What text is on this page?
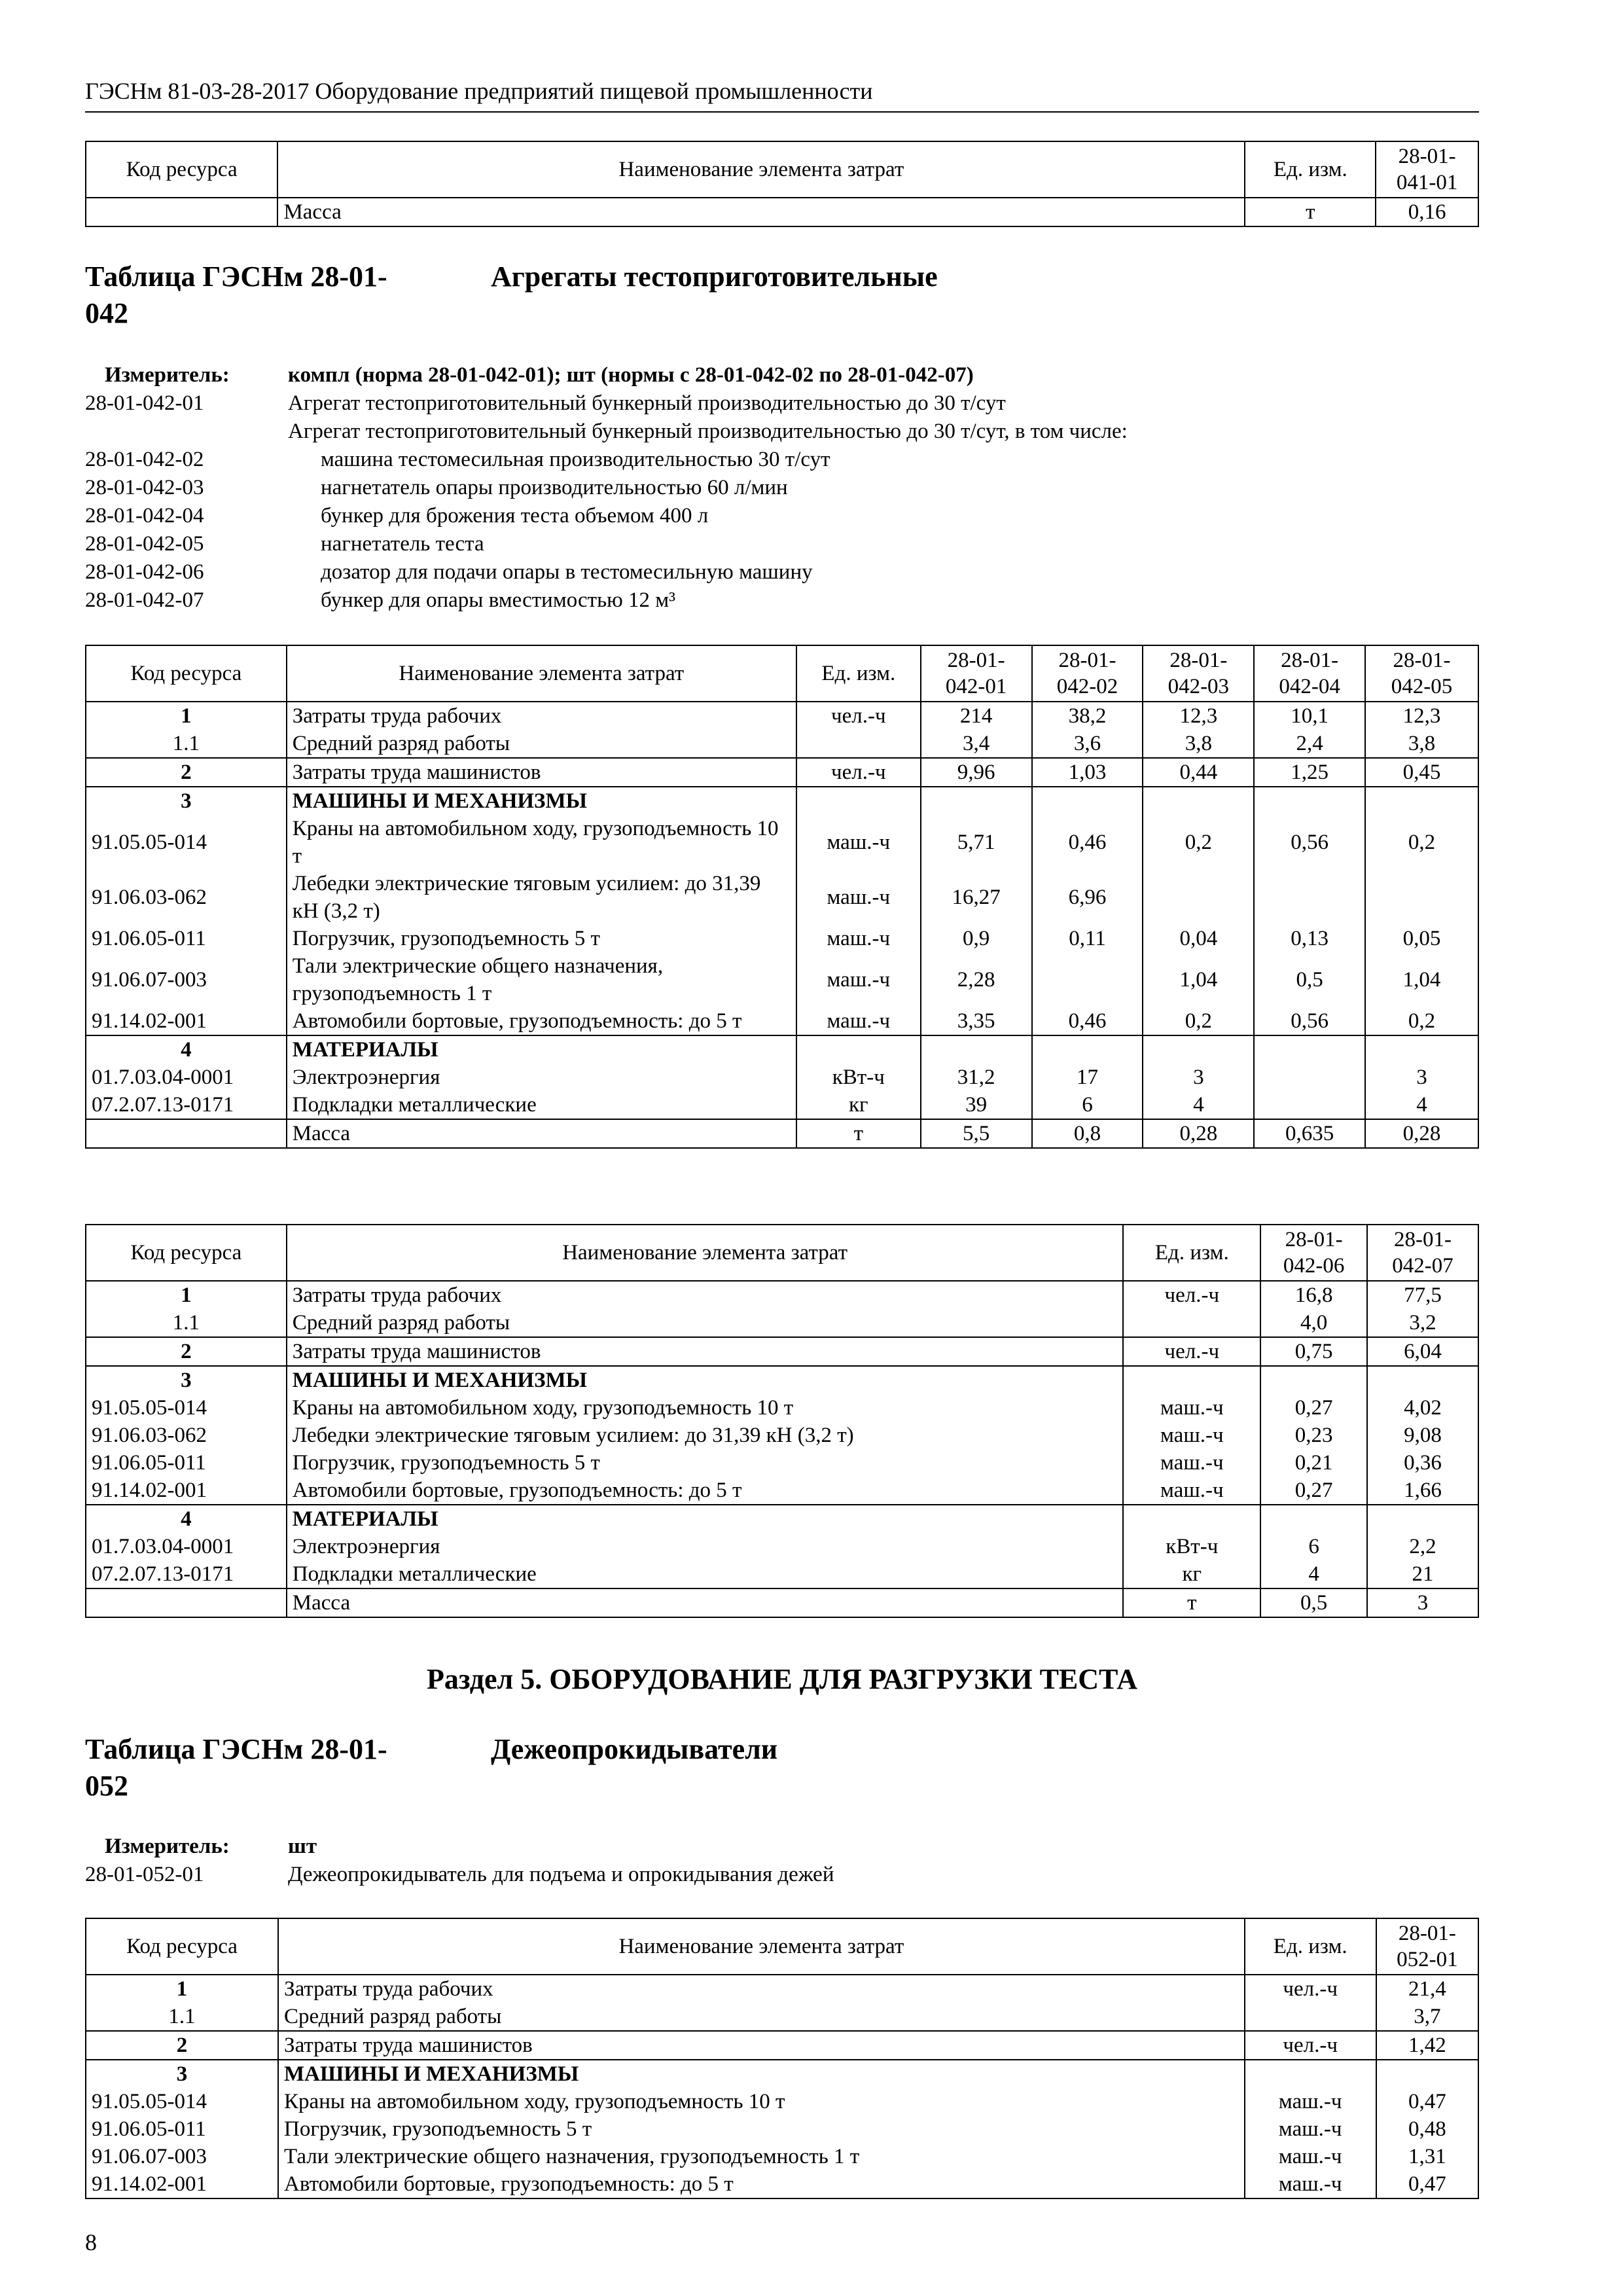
ГЭСНм 81-03-28-2017 Оборудование предприятий пищевой промышленности
Код ресурса	Наименование элемента затрат	Ед. изм.	28-01-
041-01
	Масса	т	0,16
Таблица ГЭСНм 28-01-
042
Агрегаты тестоприготовительные
Измеритель:	компл (норма 28-01-042-01); шт (нормы с 28-01-042-02 по 28-01-042-07)
28-01-042-01	Агрегат тестоприготовительный бункерный производительностью до 30 т/сут
Агрегат тестоприготовительный бункерный производительностью до 30 т/сут, в том числе:
28-01-042-02	машина тестомесильная производительностью 30 т/сут
28-01-042-03	нагнетатель опары производительностью 60 л/мин
28-01-042-04	бункер для брожения теста объемом 400 л
28-01-042-05	нагнетатель теста
28-01-042-06	дозатор для подачи опары в тестомесильную машину
28-01-042-07	бункер для опары вместимостью 12 м³
Код ресурса	Наименование элемента затрат	Ед. изм.	28-01-
042-01	28-01-
042-02	28-01-
042-03	28-01-
042-04	28-01-
042-05
1	Затраты труда рабочих	чел.-ч	214	38,2	12,3	10,1	12,3
1.1	Средний разряд работы		3,4	3,6	3,8	2,4	3,8
2	Затраты труда машинистов	чел.-ч	9,96	1,03	0,44	1,25	0,45
3	МАШИНЫ И МЕХАНИЗМЫ						
91.05.05-014	Краны на автомобильном ходу, грузоподъемность 10 т	маш.-ч	5,71	0,46	0,2	0,56	0,2
91.06.03-062	Лебедки электрические тяговым усилием: до 31,39 кН (3,2 т)	маш.-ч	16,27	6,96			
91.06.05-011	Погрузчик, грузоподъемность 5 т	маш.-ч	0,9	0,11	0,04	0,13	0,05
91.06.07-003	Тали электрические общего назначения, грузоподъемность 1 т	маш.-ч	2,28		1,04	0,5	1,04
91.14.02-001	Автомобили бортовые, грузоподъемность: до 5 т	маш.-ч	3,35	0,46	0,2	0,56	0,2
4	МАТЕРИАЛЫ						
01.7.03.04-0001	Электроэнергия	кВт-ч	31,2	17	3		3
07.2.07.13-0171	Подкладки металлические	кг	39	6	4		4
	Масса	т	5,5	0,8	0,28	0,635	0,28
Код ресурса	Наименование элемента затрат	Ед. изм.	28-01-
042-06	28-01-
042-07
1	Затраты труда рабочих	чел.-ч	16,8	77,5
1.1	Средний разряд работы		4,0	3,2
2	Затраты труда машинистов	чел.-ч	0,75	6,04
3	МАШИНЫ И МЕХАНИЗМЫ			
91.05.05-014	Краны на автомобильном ходу, грузоподъемность 10 т	маш.-ч	0,27	4,02
91.06.03-062	Лебедки электрические тяговым усилием: до 31,39 кН (3,2 т)	маш.-ч	0,23	9,08
91.06.05-011	Погрузчик, грузоподъемность 5 т	маш.-ч	0,21	0,36
91.14.02-001	Автомобили бортовые, грузоподъемность: до 5 т	маш.-ч	0,27	1,66
4	МАТЕРИАЛЫ			
01.7.03.04-0001	Электроэнергия	кВт-ч	6	2,2
07.2.07.13-0171	Подкладки металлические	кг	4	21
	Масса	т	0,5	3
Раздел 5. ОБОРУДОВАНИЕ ДЛЯ РАЗГРУЗКИ ТЕСТА
Таблица ГЭСНм 28-01-
052
Дежеопрокидыватели
Измеритель:	шт
28-01-052-01	Дежеопрокидыватель для подъема и опрокидывания дежей
Код ресурса	Наименование элемента затрат	Ед. изм.	28-01-
052-01
1	Затраты труда рабочих	чел.-ч	21,4
1.1	Средний разряд работы		3,7
2	Затраты труда машинистов	чел.-ч	1,42
3	МАШИНЫ И МЕХАНИЗМЫ		
91.05.05-014	Краны на автомобильном ходу, грузоподъемность 10 т	маш.-ч	0,47
91.06.05-011	Погрузчик, грузоподъемность 5 т	маш.-ч	0,48
91.06.07-003	Тали электрические общего назначения, грузоподъемность 1 т	маш.-ч	1,31
91.14.02-001	Автомобили бортовые, грузоподъемность: до 5 т	маш.-ч	0,47
8
